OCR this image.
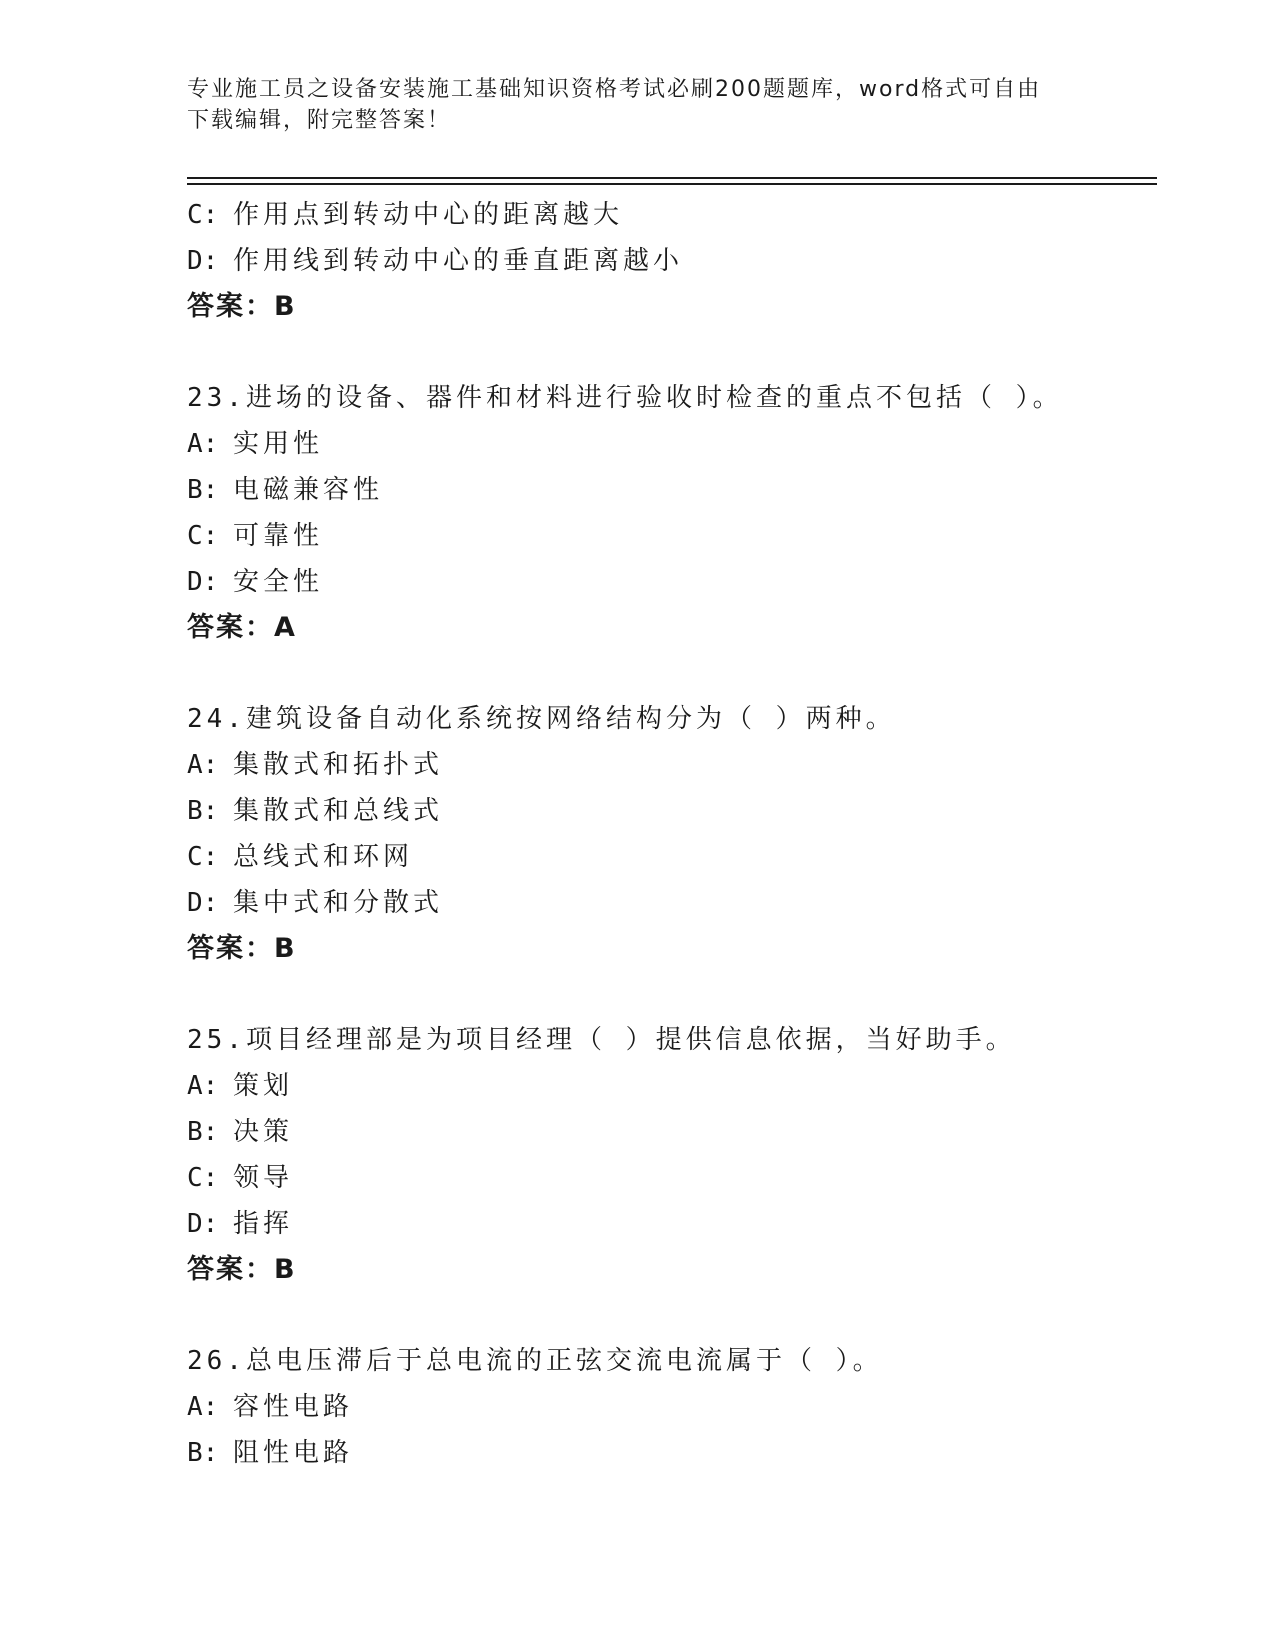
专业施工员之设备安装施工基础知识资格考试必刷200题题库，word格式可自由
下载编辑，附完整答案！
C: 作用点到转动中心的距离越大
D: 作用线到转动中心的垂直距离越小
答案：B
23.进场的设备、器件和材料进行验收时检查的重点不包括（ ）。
A: 实用性
B: 电磁兼容性
C: 可靠性
D: 安全性
答案：A
24.建筑设备自动化系统按网络结构分为（ ）两种。
A: 集散式和拓扑式
B: 集散式和总线式
C: 总线式和环网
D: 集中式和分散式
答案：B
25.项目经理部是为项目经理（ ）提供信息依据，当好助手。
A: 策划
B: 决策
C: 领导
D: 指挥
答案：B
26.总电压滞后于总电流的正弦交流电流属于（ ）。
A: 容性电路
B: 阻性电路
